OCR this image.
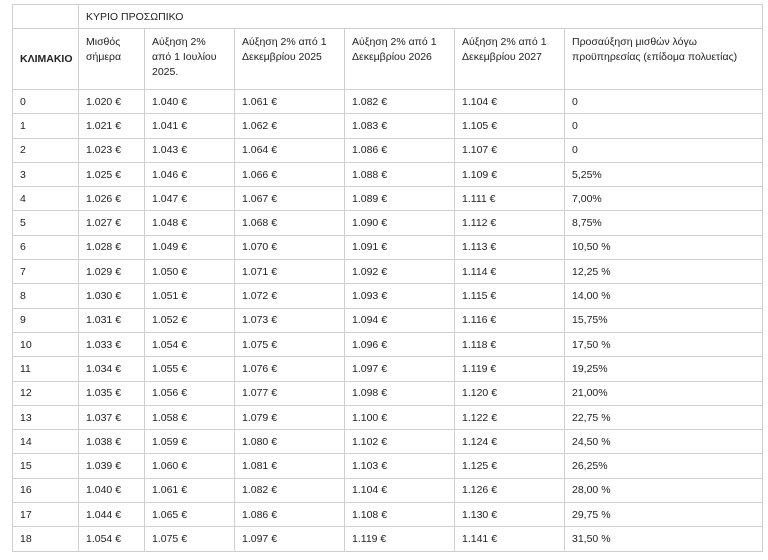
	ΚΥΡΙΟ ΠΡΟΣΩΠΙΚΟ					
ΚΛΙΜΑΚΙΟ	Μισθός σήμερα	Αύξηση 2% από 1 Ιουλίου 2025.	Αύξηση 2% από 1 Δεκεμβρίου 2025	Αύξηση 2% από 1 Δεκεμβρίου 2026	Αύξηση 2% από 1 Δεκεμβρίου 2027	Προσαύξηση μισθών λόγω προϋπηρεσίας (επίδομα πολυετίας)
0	1.020 €	1.040 €	1.061 €	1.082 €	1.104 €	0
1	1.021 €	1.041 €	1.062 €	1.083 €	1.105 €	0
2	1.023 €	1.043 €	1.064 €	1.086 €	1.107 €	0
3	1.025 €	1.046 €	1.066 €	1.088 €	1.109 €	5,25%
4	1.026 €	1.047 €	1.067 €	1.089 €	1.111 €	7,00%
5	1.027 €	1.048 €	1.068 €	1.090 €	1.112 €	8,75%
6	1.028 €	1.049 €	1.070 €	1.091 €	1.113 €	10,50 %
7	1.029 €	1.050 €	1.071 €	1.092 €	1.114 €	12,25 %
8	1.030 €	1.051 €	1.072 €	1.093 €	1.115 €	14,00 %
9	1.031 €	1.052 €	1.073 €	1.094 €	1.116 €	15,75%
10	1.033 €	1.054 €	1.075 €	1.096 €	1.118 €	17,50 %
11	1.034 €	1.055 €	1.076 €	1.097 €	1.119 €	19,25%
12	1.035 €	1.056 €	1.077 €	1.098 €	1.120 €	21,00%
13	1.037 €	1.058 €	1.079 €	1.100 €	1.122 €	22,75 %
14	1.038 €	1.059 €	1.080 €	1.102 €	1.124 €	24,50 %
15	1.039 €	1.060 €	1.081 €	1.103 €	1.125 €	26,25%
16	1.040 €	1.061 €	1.082 €	1.104 €	1.126 €	28,00 %
17	1.044 €	1.065 €	1.086 €	1.108 €	1.130 €	29,75 %
18	1.054 €	1.075 €	1.097 €	1.119 €	1.141 €	31,50 %
